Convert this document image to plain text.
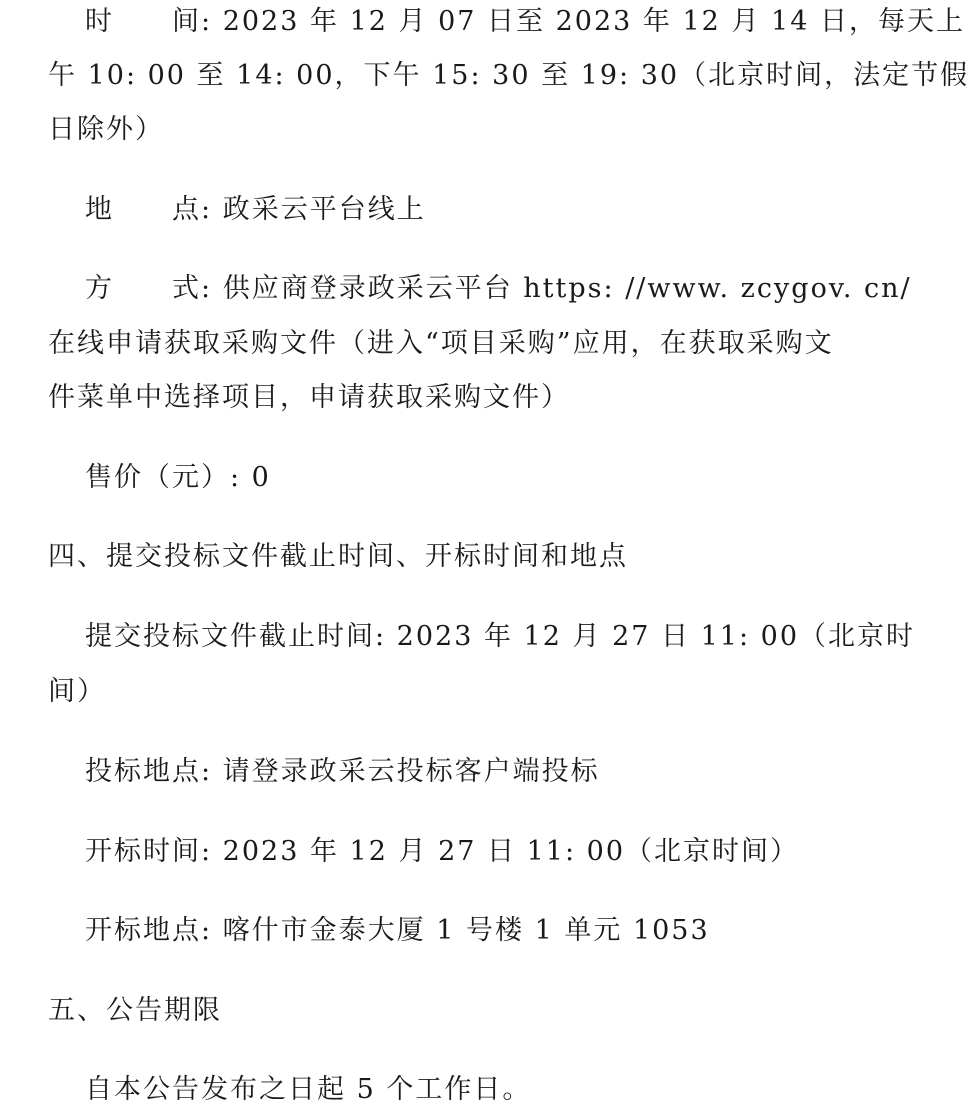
时 间: 2023 年 12 月 07 日至 2023 年 12 月 14 日，每天上
午 10: 00 至 14: 00，下午 15: 30 至 19: 30（北京时间，法定节假
日除外）
地 点: 政采云平台线上
方 式: 供应商登录政采云平台 https: //www. zcygov. cn/
在线申请获取采购文件（进入“项目采购”应用，在获取采购文
件菜单中选择项目，申请获取采购文件）
售价（元）: 0
四、提交投标文件截止时间、开标时间和地点
提交投标文件截止时间: 2023 年 12 月 27 日 11: 00（北京时
间）
投标地点: 请登录政采云投标客户端投标
开标时间: 2023 年 12 月 27 日 11: 00（北京时间）
开标地点: 喀什市金泰大厦 1 号楼 1 单元 1053
五、公告期限
自本公告发布之日起 5 个工作日。
